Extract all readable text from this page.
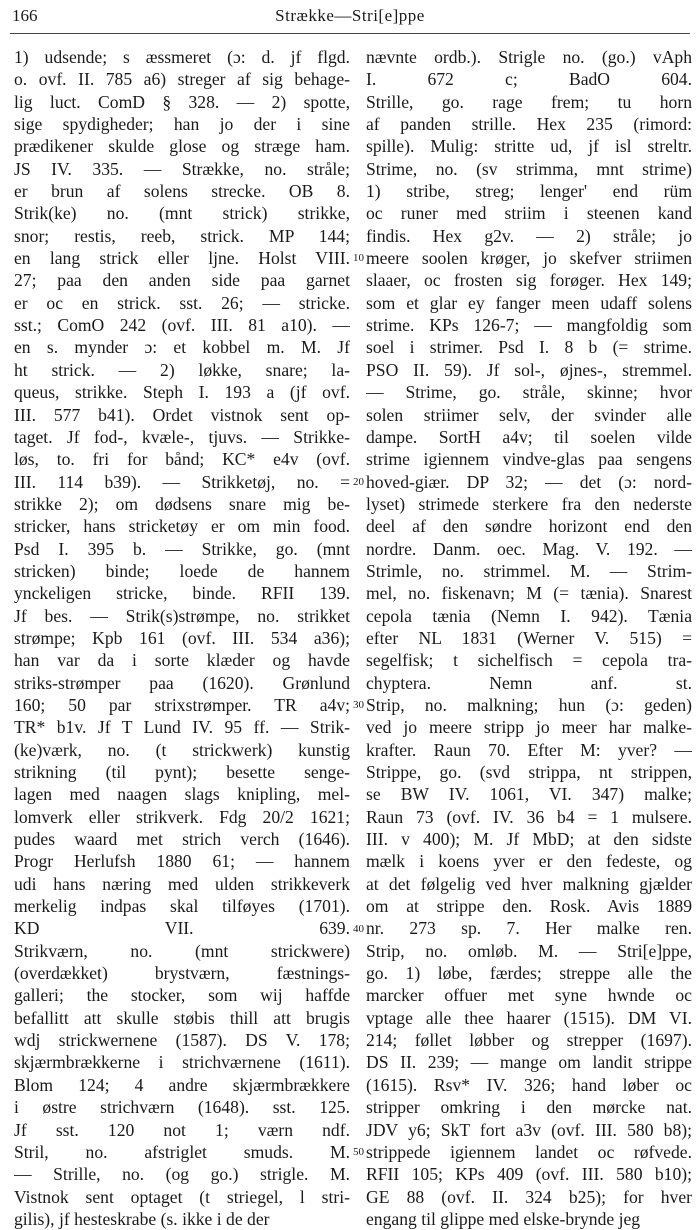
166	Strække—Stri[e]ppe
1) udsende; s æssmeret (ɔ: d. jf flgd.
o. ovf. II. 785 a6) streger af sig behage-
lig luct. ComD § 328. — 2) spotte,
sige spydigheder; han jo der i sine
prædikener skulde glose og stræge ham.
JS IV. 335. — Strække, no. stråle;
er brun af solens strecke. OB 8.
Strik(ke) no. (mnt strick) strikke,
snor; restis, reeb, strick. MP 144;
en lang strick eller ljne. Holst VIII.
27; paa den anden side paa garnet
er oc en strick. sst. 26; — stricke.
sst.; ComO 242 (ovf. III. 81 a10). —
en s. mynder ɔ: et kobbel m. M. Jf
ht strick. — 2) løkke, snare; la-
queus, strikke. Steph I. 193 a (jf ovf.
III. 577 b41). Ordet vistnok sent op-
taget. Jf fod-, kvæle-, tjuvs. — Strikke-
løs, to. fri for bånd; KC* e4v (ovf.
III. 114 b39). — Strikketøj, no. =
strikke 2); om dødsens snare mig be-
stricker, hans stricketøy er om min food.
Psd I. 395 b. — Strikke, go. (mnt
stricken) binde; loede de hannem
ynckeligen stricke, binde. RFII 139.
Jf bes. — Strik(s)strømpe, no. strikket
strømpe; Kpb 161 (ovf. III. 534 a36);
han var da i sorte klæder og havde
striks-strømper paa (1620). Grønlund
160; 50 par strixstrømper. TR a4v;
TR* b1v. Jf T Lund IV. 95 ff. — Strik-
(ke)værk, no. (t strickwerk) kunstig
strikning (til pynt); besette senge-
lagen med naagen slags knipling, mel-
lomverk eller strikverk. Fdg 20/2 1621;
pudes waard met strich verch (1646).
Progr Herlufsh 1880 61; — hannem
udi hans næring med ulden strikkeverk
merkelig indpas skal tilføyes (1701).
KD VII. 639.
Strikværn, no. (mnt strickwere)
(overdækket) brystværn, fæstnings-
galleri; the stocker, som wij haffde
befallitt att skulle støbis thill att brugis
wdj strickwernene (1587). DS V. 178;
skjærmbrækkerne i strichværnene (1611).
Blom 124; 4 andre skjærmbrækkere
i østre strichværn (1648). sst. 125.
Jf sst. 120 not 1; værn ndf.
Stril, no. afstriglet smuds. M.
— Strille, no. (og go.) strigle. M.
Vistnok sent optaget (t striegel, l stri-
gilis), jf hesteskrabe (s. ikke i de der
10
20
30
40
50
nævnte ordb.). Strigle no. (go.) vAph
I. 672 c; BadO 604.
Strille, go. rage frem; tu horn
af panden strille. Hex 235 (rimord:
spille). Mulig: stritte ud, jf isl streltr.
Strime, no. (sv strimma, mnt strime)
1) stribe, streg; lenger' end rüm
oc runer med striim i steenen kand
findis. Hex g2v. — 2) stråle; jo
meere soolen krøger, jo skefver striimen
slaaer, oc frosten sig forøger. Hex 149;
som et glar ey fanger meen udaff solens
strime. KPs 126-7; — mangfoldig som
soel i strimer. Psd I. 8 b (= strime.
PSO II. 59). Jf sol-, øjnes-, stremmel.
— Strime, go. stråle, skinne; hvor
solen striimer selv, der svinder alle
dampe. SortH a4v; til soelen vilde
strime igiennem vindve-glas paa sengens
hoved-giær. DP 32; — det (ɔ: nord-
lyset) strimede sterkere fra den nederste
deel af den søndre horizont end den
nordre. Danm. oec. Mag. V. 192. —
Strimle, no. strimmel. M. — Strim-
mel, no. fiskenavn; M (= tænia). Snarest
cepola tænia (Nemn I. 942). Tænia
efter NL 1831 (Werner V. 515) =
segelfisk; t sichelfisch = cepola tra-
chyptera. Nemn anf. st.
Strip, no. malkning; hun (ɔ: geden)
ved jo meere stripp jo meer har malke-
krafter. Raun 70. Efter M: yver? —
Strippe, go. (svd strippa, nt strippen,
se BW IV. 1061, VI. 347) malke;
Raun 73 (ovf. IV. 36 b4 = 1 mulsere.
III. v 400); M. Jf MbD; at den sidste
mælk i koens yver er den fedeste, og
at det følgelig ved hver malkning gjælder
om at strippe den. Rosk. Avis 1889
nr. 273 sp. 7. Her malke ren.
Strip, no. omløb. M. — Stri[e]ppe,
go. 1) løbe, færdes; streppe alle the
marcker offuer met syne hwnde oc
vptage alle thee haarer (1515). DM VI.
214; føllet løbber og strepper (1697).
DS II. 239; — mange om landit strippe
(1615). Rsv* IV. 326; hand løber oc
stripper omkring i den mørcke nat.
JDV y6; SkT fort a3v (ovf. III. 580 b8);
strippede igiennem landet oc røfvede.
RFII 105; KPs 409 (ovf. III. 580 b10);
GE 88 (ovf. II. 324 b25); for hver
engang til glippe med elske-brynde jeg
